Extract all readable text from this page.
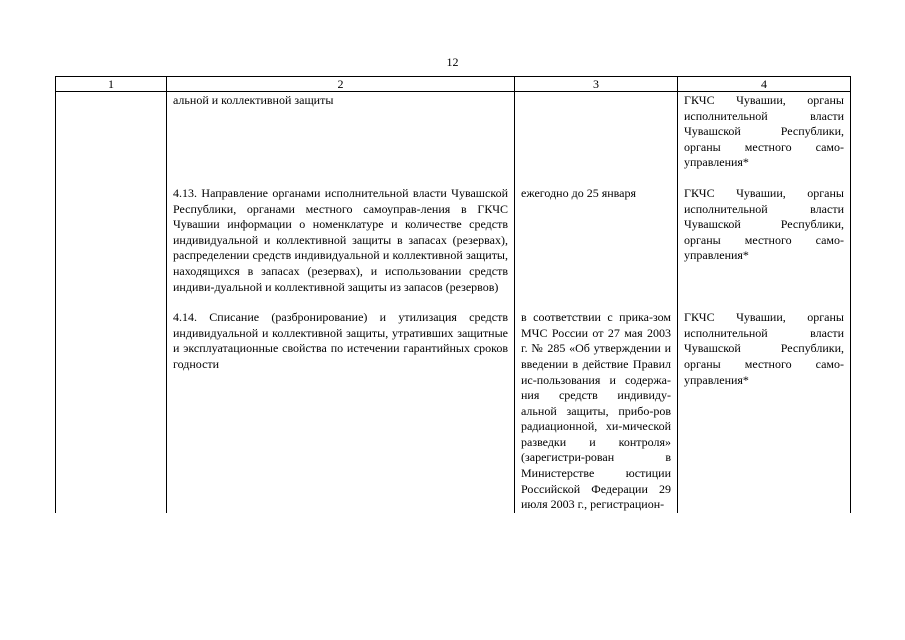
12
1	2	3	4
	альной и коллективной защиты		ГКЧС Чувашии, органы исполнительной власти Чувашской Республики, органы местного само-управления*

	4.13. Направление органами исполнительной власти Чувашской Республики, органами местного самоуправ-ления в ГКЧС Чувашии информации о номенклатуре и количестве средств индивидуальной и коллективной защиты в запасах (резервах), распределении средств индивидуальной и коллективной защиты, находящихся в запасах (резервах), и использовании средств индиви-дуальной и коллективной защиты из запасов (резервов)	ежегодно до 25 января	ГКЧС Чувашии, органы исполнительной власти Чувашской Республики, органы местного само-управления*

	4.14. Списание (разбронирование) и утилизация средств индивидуальной и коллективной защиты, утративших защитные и эксплуатационные свойства по истечении гарантийных сроков годности	в соответствии с прика-зом МЧС России от 27 мая 2003 г. № 285 «Об утверждении и введении в действие Правил ис-пользования и содержа-ния средств индивиду-альной защиты, прибо-ров радиационной, хи-мической разведки и контроля» (зарегистри-рован в Министерстве юстиции Российской Федерации 29 июля 2003 г., регистрацион-	ГКЧС Чувашии, органы исполнительной власти Чувашской Республики, органы местного само-управления*
